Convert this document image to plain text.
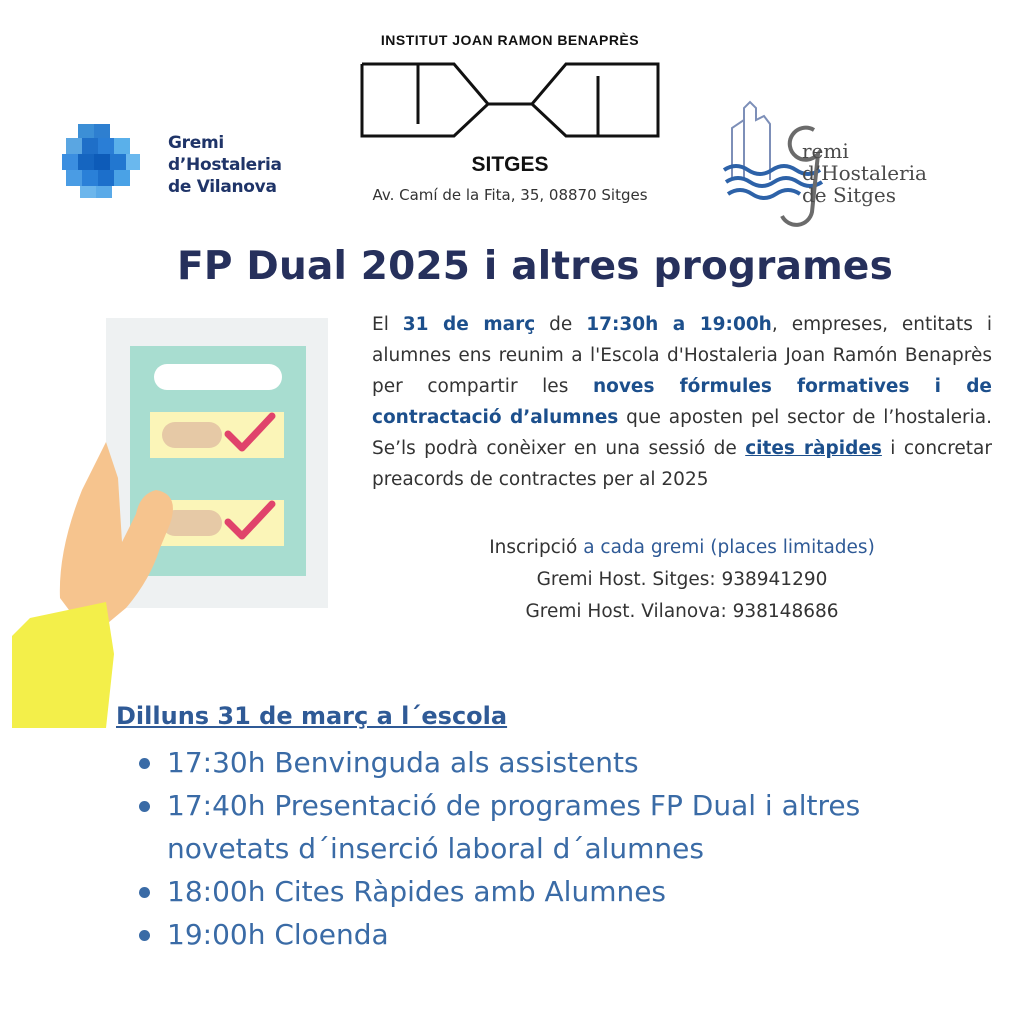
Gremi
d’Hostaleria
de Vilanova
INSTITUT JOAN RAMON BENAPRÈS
SITGES
Av. Camí de la Fita, 35, 08870 Sitges
remi
d’Hostaleria
de Sitges
FP Dual 2025 i altres programes
El 31 de març de 17:30h a 19:00h, empreses, entitats i alumnes ens reunim a l'Escola d'Hostaleria Joan Ramón Benaprès per compartir les noves fórmules formatives i de contractació d’alumnes que aposten pel sector de l’hostaleria. Se’ls podrà conèixer en una sessió de cites ràpides i concretar preacords de contractes per al 2025
Inscripció a cada gremi (places limitades)
Gremi Host. Sitges: 938941290
Gremi Host. Vilanova: 938148686
Dilluns 31 de març a l´escola
17:30h Benvinguda als assistents
17:40h Presentació de programes FP Dual i altres novetats d´inserció laboral d´alumnes
18:00h Cites Ràpides amb Alumnes
19:00h Cloenda
